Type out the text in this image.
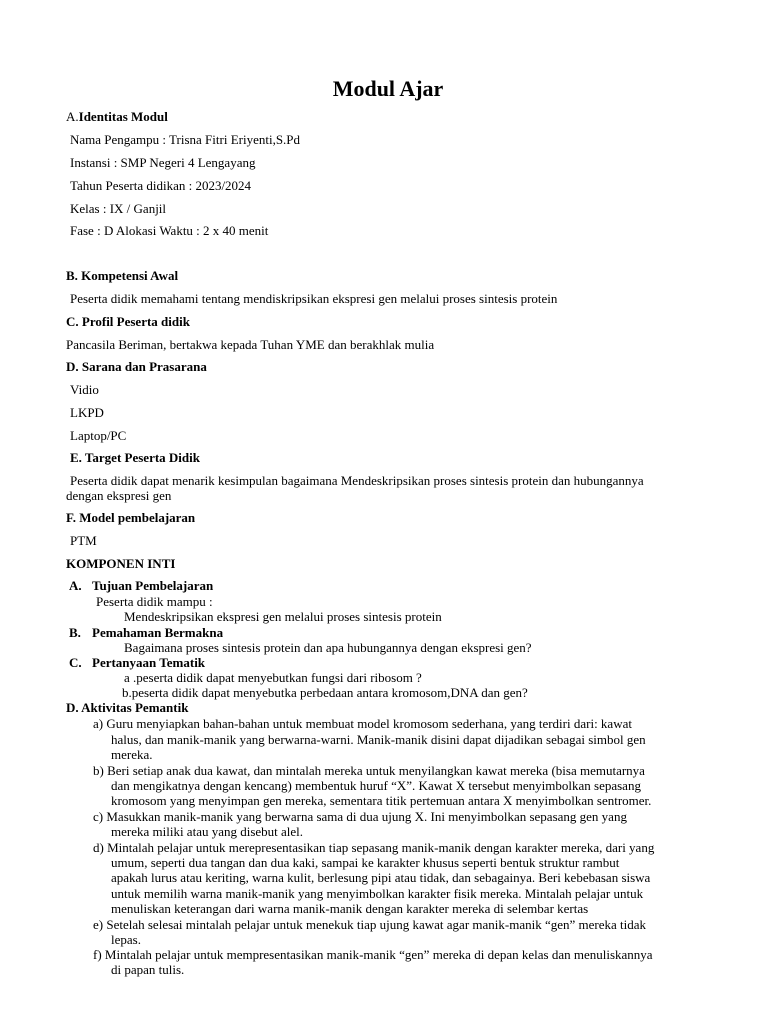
Modul Ajar
A.Identitas Modul
Nama Pengampu : Trisna Fitri Eriyenti,S.Pd
Instansi : SMP Negeri 4 Lengayang
Tahun Peserta didikan : 2023/2024
Kelas : IX / Ganjil
Fase : D Alokasi Waktu : 2 x 40 menit
B. Kompetensi Awal
Peserta didik memahami tentang mendiskripsikan ekspresi gen melalui proses sintesis protein
C. Profil Peserta didik
Pancasila Beriman, bertakwa kepada Tuhan YME dan berakhlak mulia
D. Sarana dan Prasarana
Vidio
LKPD
Laptop/PC
E. Target Peserta Didik
Peserta didik dapat menarik kesimpulan bagaimana Mendeskripsikan proses sintesis protein dan hubungannya
dengan ekspresi gen
F. Model pembelajaran
PTM
KOMPONEN INTI
A. Tujuan Pembelajaran
Peserta didik mampu :
Mendeskripsikan ekspresi gen melalui proses sintesis protein
B. Pemahaman Bermakna
Bagaimana proses sintesis protein dan apa hubungannya dengan ekspresi gen?
C. Pertanyaan Tematik
a .peserta didik dapat menyebutkan fungsi dari ribosom ?
b.peserta didik dapat menyebutka perbedaan antara kromosom,DNA dan gen?
D. Aktivitas Pemantik
a) Guru menyiapkan bahan-bahan untuk membuat model kromosom sederhana, yang terdiri dari: kawat
halus, dan manik-manik yang berwarna-warni. Manik-manik disini dapat dijadikan sebagai simbol gen
mereka.
b) Beri setiap anak dua kawat, dan mintalah mereka untuk menyilangkan kawat mereka (bisa memutarnya
dan mengikatnya dengan kencang) membentuk huruf “X”. Kawat X tersebut menyimbolkan sepasang
kromosom yang menyimpan gen mereka, sementara titik pertemuan antara X menyimbolkan sentromer.
c) Masukkan manik-manik yang berwarna sama di dua ujung X. Ini menyimbolkan sepasang gen yang
mereka miliki atau yang disebut alel.
d) Mintalah pelajar untuk merepresentasikan tiap sepasang manik-manik dengan karakter mereka, dari yang
umum, seperti dua tangan dan dua kaki, sampai ke karakter khusus seperti bentuk struktur rambut
apakah lurus atau keriting, warna kulit, berlesung pipi atau tidak, dan sebagainya. Beri kebebasan siswa
untuk memilih warna manik-manik yang menyimbolkan karakter fisik mereka. Mintalah pelajar untuk
menuliskan keterangan dari warna manik-manik dengan karakter mereka di selembar kertas
e) Setelah selesai mintalah pelajar untuk menekuk tiap ujung kawat agar manik-manik “gen” mereka tidak
lepas.
f) Mintalah pelajar untuk mempresentasikan manik-manik “gen” mereka di depan kelas dan menuliskannya
di papan tulis.
